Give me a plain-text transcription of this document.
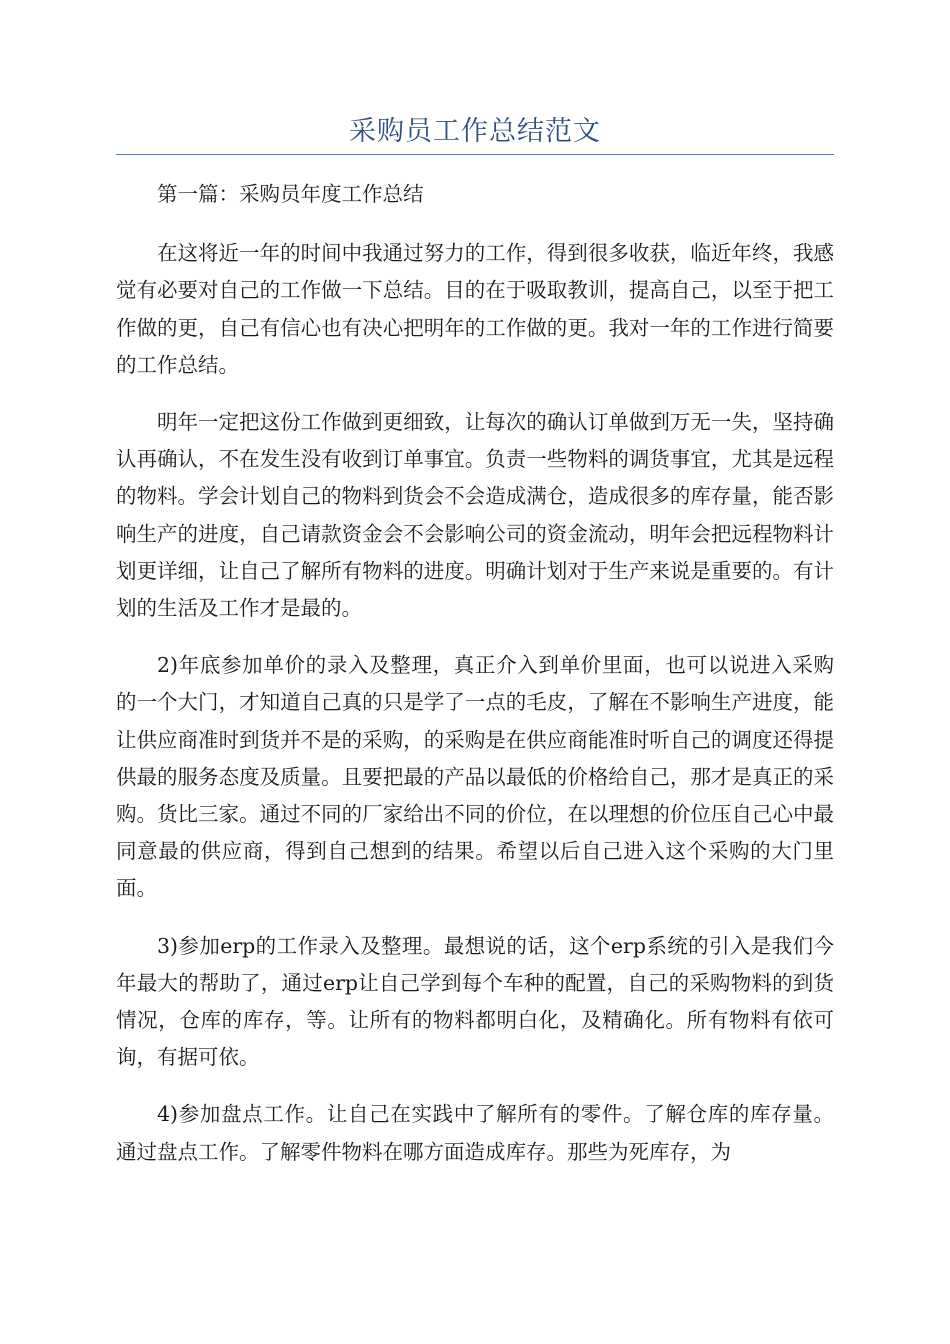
采购员工作总结范文

第一篇：采购员年度工作总结

在这将近一年的时间中我通过努力的工作，得到很多收获，临近年终，我感觉有必要对自己的工作做一下总结。目的在于吸取教训，提高自己，以至于把工作做的更，自己有信心也有决心把明年的工作做的更。我对一年的工作进行简要的工作总结。

明年一定把这份工作做到更细致，让每次的确认订单做到万无一失，坚持确认再确认，不在发生没有收到订单事宜。负责一些物料的调货事宜，尤其是远程的物料。学会计划自己的物料到货会不会造成满仓，造成很多的库存量，能否影响生产的进度，自己请款资金会不会影响公司的资金流动，明年会把远程物料计划更详细，让自己了解所有物料的进度。明确计划对于生产来说是重要的。有计划的生活及工作才是最的。

2)年底参加单价的录入及整理，真正介入到单价里面，也可以说进入采购的一个大门，才知道自己真的只是学了一点的毛皮，了解在不影响生产进度，能让供应商准时到货并不是的采购，的采购是在供应商能准时听自己的调度还得提供最的服务态度及质量。且要把最的产品以最低的价格给自己，那才是真正的采购。货比三家。通过不同的厂家给出不同的价位，在以理想的价位压自己心中最同意最的供应商，得到自己想到的结果。希望以后自己进入这个采购的大门里面。

3)参加erp的工作录入及整理。最想说的话，这个erp系统的引入是我们今年最大的帮助了，通过erp让自己学到每个车种的配置，自己的采购物料的到货情况，仓库的库存，等。让所有的物料都明白化，及精确化。所有物料有依可询，有据可依。

4)参加盘点工作。让自己在实践中了解所有的零件。了解仓库的库存量。通过盘点工作。了解零件物料在哪方面造成库存。那些为死库存，为
